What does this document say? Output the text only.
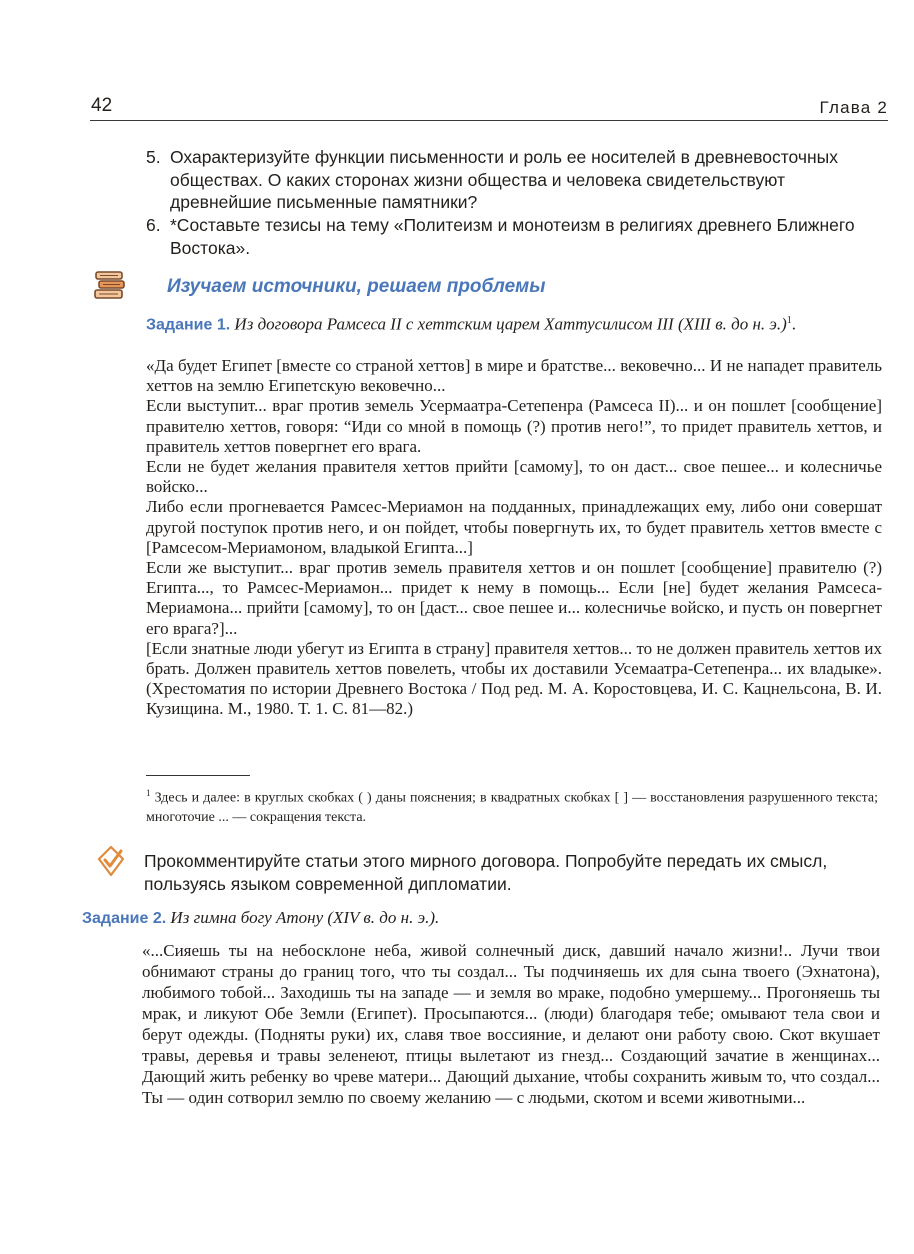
42	Глава 2
5. Охарактеризуйте функции письменности и роль ее носителей в древневосточных обществах. О каких сторонах жизни общества и человека свидетельствуют древнейшие письменные памятники?
6. *Составьте тезисы на тему «Политеизм и монотеизм в религиях древнего Ближнего Востока».
Изучаем источники, решаем проблемы
Задание 1. Из договора Рамсеса II с хеттским царем Хаттусилисом III (XIII в. до н. э.)$^1$.

«Да будет Египет [вместе со страной хеттов] в мире и братстве... вековечно... И не нападет правитель хеттов на землю Египетскую вековечно...

Если выступит... враг против земель Усермаатра-Сетепенра (Рамсеса II)... и он пошлет [сообщение] правителю хеттов, говоря: “Иди со мной в помощь (?) против него!”, то придет правитель хеттов, и правитель хеттов повергнет его врага.

Если не будет желания правителя хеттов прийти [самому], то он даст... свое пешее... и колесничье войско...

Либо если прогневается Рамсес-Мериамон на подданных, принадлежащих ему, либо они совершат другой поступок против него, и он пойдет, чтобы повергнуть их, то будет правитель хеттов вместе с [Рамсесом-Мериамоном, владыкой Египта...]

Если же выступит... враг против земель правителя хеттов и он пошлет [сообщение] правителю (?) Египта..., то Рамсес-Мериамон... придет к нему в помощь... Если [не] будет желания Рамсеса-Мериамона... прийти [самому], то он [даст... свое пешее и... колесничье войско, и пусть он повергнет его врага?]...

[Если знатные люди убегут из Египта в страну] правителя хеттов... то не должен правитель хеттов их брать. Должен правитель хеттов повелеть, чтобы их доставили Усемаатра-Сетепенра... их владыке». (Хрестоматия по истории Древнего Востока / Под ред. М. А. Коростовцева, И. С. Кацнельсона, В. И. Кузищина. М., 1980. Т. 1. С. 81—82.)

$^1$ Здесь и далее: в круглых скобках ( ) даны пояснения; в квадратных скобках [ ] — восстановления разрушенного текста; многоточие ... — сокращения текста.
Прокомментируйте статьи этого мирного договора. Попробуйте передать их смысл, пользуясь языком современной дипломатии.
Задание 2. Из гимна богу Атону (XIV в. до н. э.).
«...Сияешь ты на небосклоне неба, живой солнечный диск, давший начало жизни!.. Лучи твои обнимают страны до границ того, что ты создал... Ты подчиняешь их для сына твоего (Эхнатона), любимого тобой... Заходишь ты на западе — и земля во мраке, подобно умершему... Прогоняешь ты мрак, и ликуют Обе Земли (Египет). Просыпаются... (люди) благодаря тебе; омывают тела свои и берут одежды. (Подняты руки) их, славя твое воссияние, и делают они работу свою. Скот вкушает травы, деревья и травы зеленеют, птицы вылетают из гнезд... Создающий зачатие в женщинах... Дающий жить ребенку во чреве матери... Дающий дыхание, чтобы сохранить живым то, что создал... Ты — один сотворил землю по своему желанию — с людьми, скотом и всеми животными...
